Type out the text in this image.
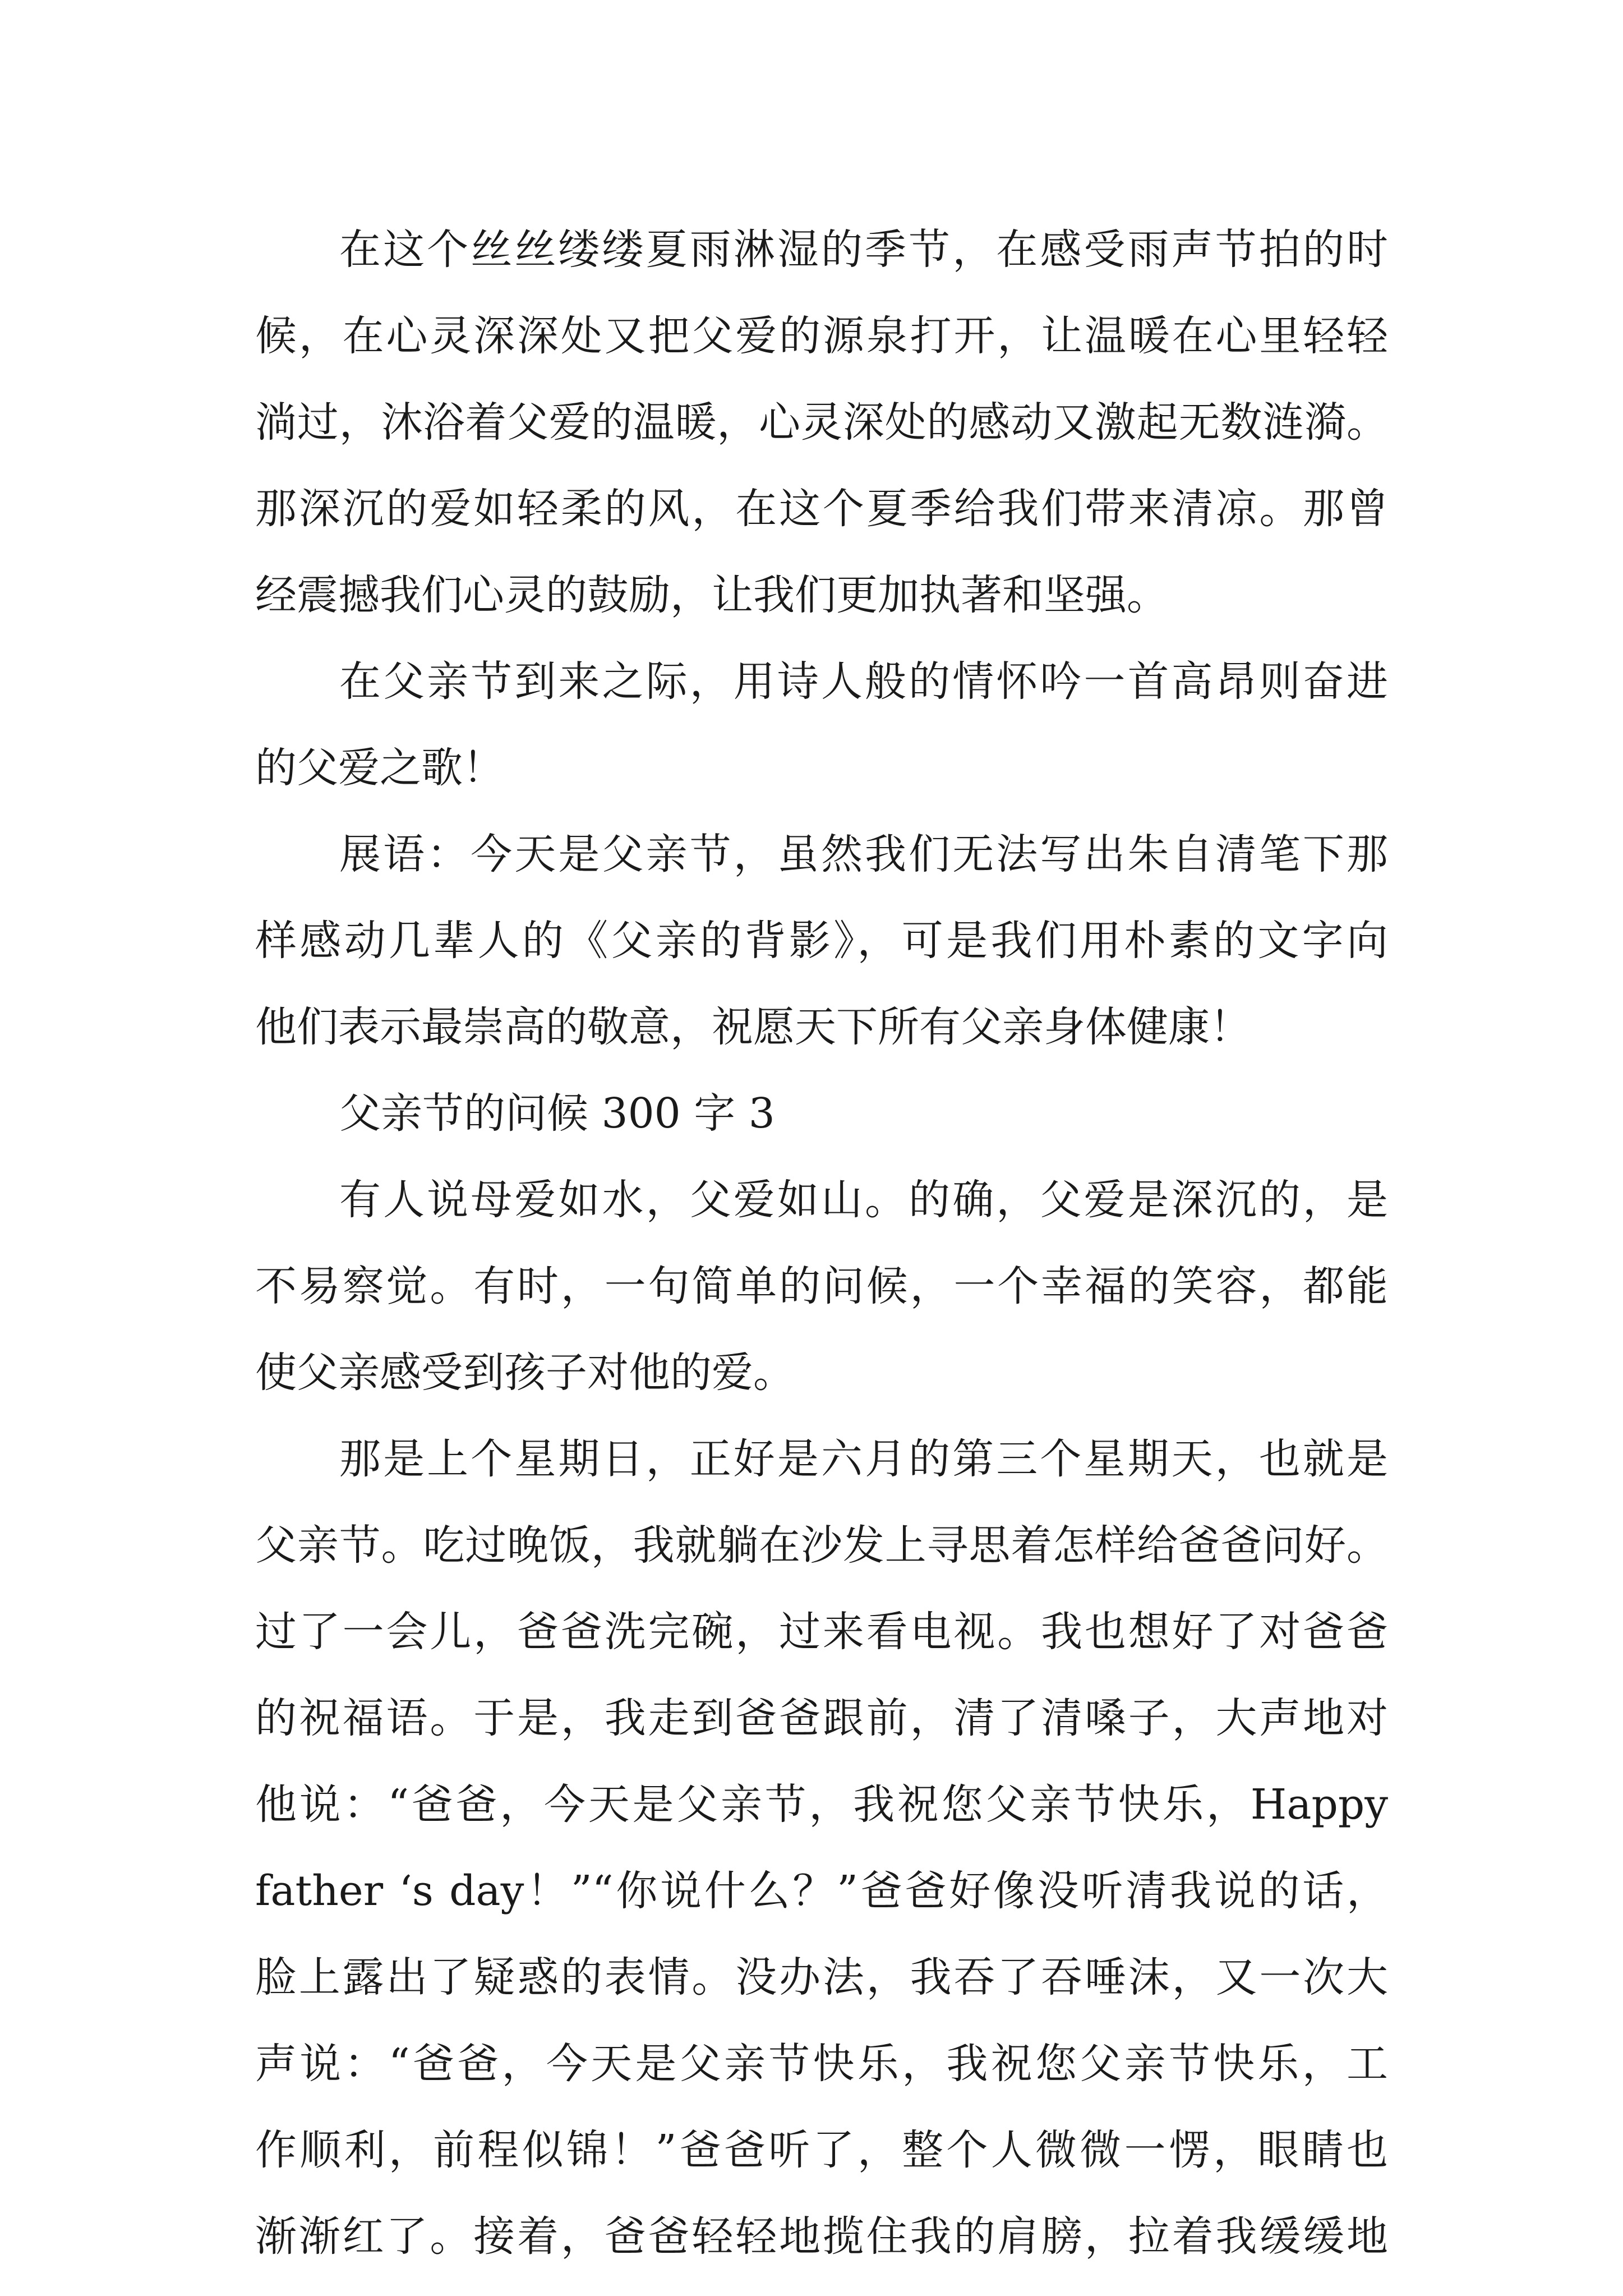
在这个丝丝缕缕夏雨淋湿的季节，在感受雨声节拍的时
候，在心灵深深处又把父爱的源泉打开，让温暖在心里轻轻
淌过，沐浴着父爱的温暖，心灵深处的感动又激起无数涟漪。
那深沉的爱如轻柔的风，在这个夏季给我们带来清凉。那曾
经震撼我们心灵的鼓励，让我们更加执著和坚强。
在父亲节到来之际，用诗人般的情怀吟一首高昂则奋进
的父爱之歌！
展语：今天是父亲节，虽然我们无法写出朱自清笔下那
样感动几辈人的《父亲的背影》，可是我们用朴素的文字向
他们表示最崇高的敬意，祝愿天下所有父亲身体健康！
父亲节的问候 300 字 3
有人说母爱如水，父爱如山。的确，父爱是深沉的，是
不易察觉。有时，一句简单的问候，一个幸福的笑容，都能
使父亲感受到孩子对他的爱。
那是上个星期日，正好是六月的第三个星期天，也就是
父亲节。吃过晚饭，我就躺在沙发上寻思着怎样给爸爸问好。
过了一会儿，爸爸洗完碗，过来看电视。我也想好了对爸爸
的祝福语。于是，我走到爸爸跟前，清了清嗓子，大声地对
他说：“爸爸，今天是父亲节，我祝您父亲节快乐，Happy
father ‘s day！”“你说什么？”爸爸好像没听清我说的话，
脸上露出了疑惑的表情。没办法，我吞了吞唾沫，又一次大
声说：“爸爸，今天是父亲节快乐，我祝您父亲节快乐，工
作顺利，前程似锦！”爸爸听了，整个人微微一愣，眼睛也
渐渐红了。接着，爸爸轻轻地揽住我的肩膀，拉着我缓缓地
